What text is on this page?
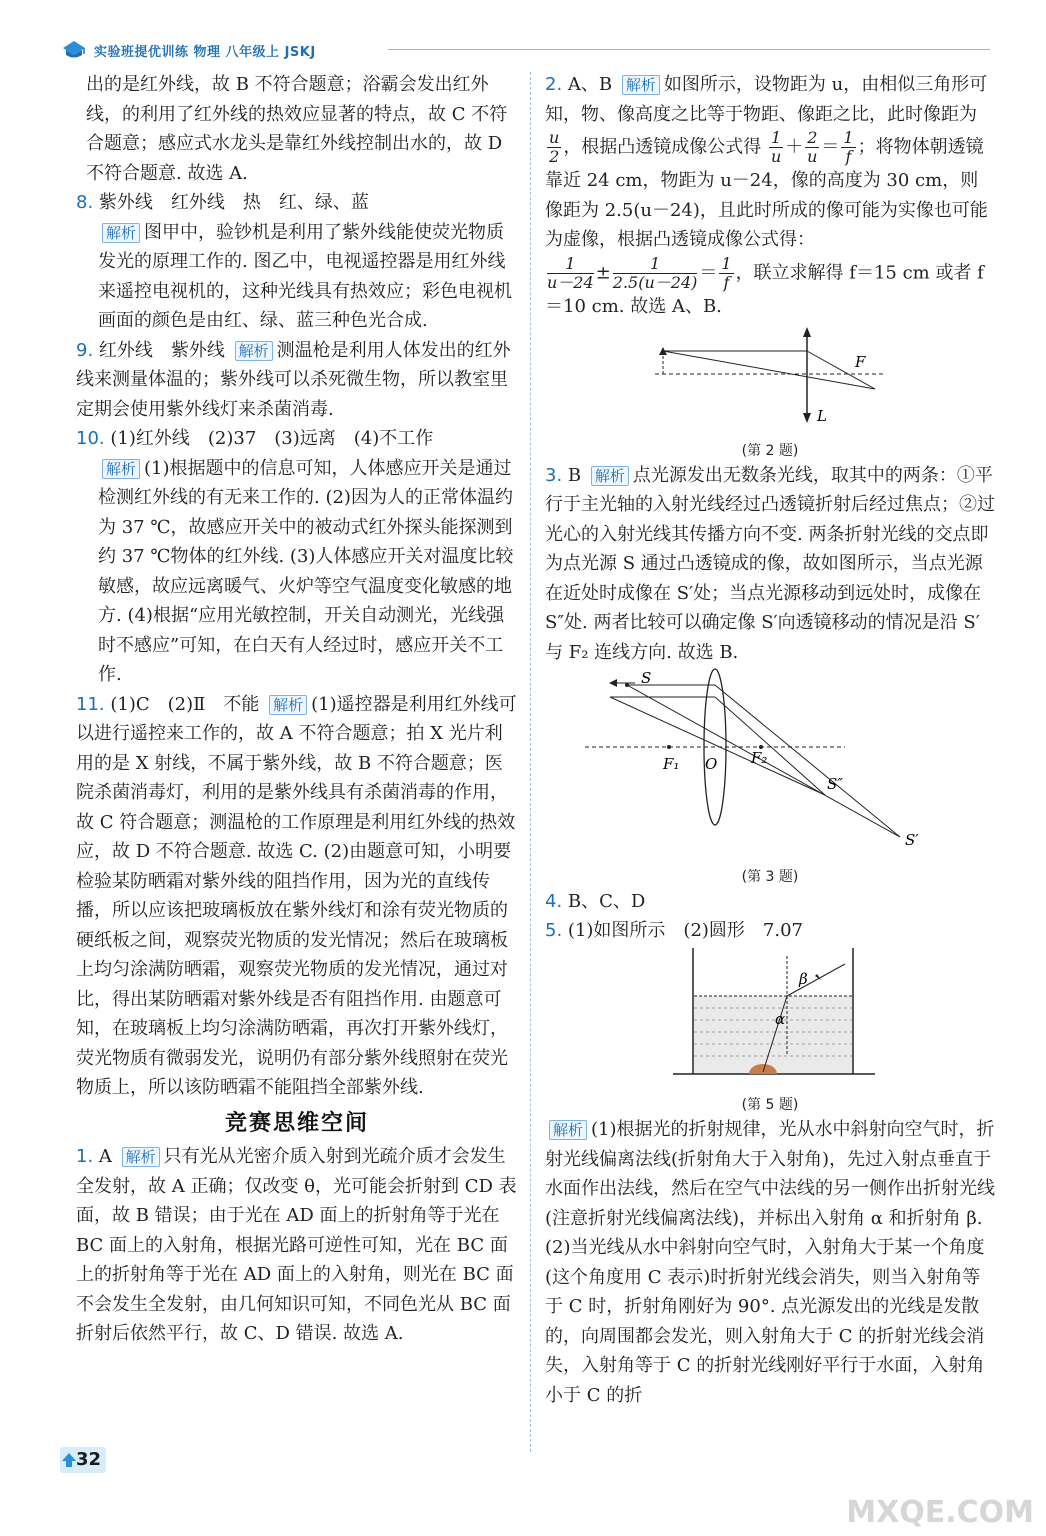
实验班提优训练 物理 八年级上 JSKJ

出的是红外线，故 B 不符合题意；浴霸会发出红外线，的利用了红外线的热效应显著的特点，故 C 不符合题意；感应式水龙头是靠红外线控制出水的，故 D 不符合题意. 故选 A.

8. 紫外线　红外线　热　红、绿、蓝

解析 图甲中，验钞机是利用了紫外线能使荧光物质发光的原理工作的. 图乙中，电视遥控器是用红外线来遥控电视机的，这种光线具有热效应；彩色电视机画面的颜色是由红、绿、蓝三种色光合成.

9. 红外线　紫外线 解析 测温枪是利用人体发出的红外线来测量体温的；紫外线可以杀死微生物，所以教室里定期会使用紫外线灯来杀菌消毒.

10. (1)红外线　(2)37　(3)远离　(4)不工作

解析 (1)根据题中的信息可知，人体感应开关是通过检测红外线的有无来工作的. (2)因为人的正常体温约为 37 ℃，故感应开关中的被动式红外探头能探测到约 37 ℃物体的红外线. (3)人体感应开关对温度比较敏感，故应远离暖气、火炉等空气温度变化敏感的地方. (4)根据“应用光敏控制，开关自动测光，光线强时不感应”可知，在白天有人经过时，感应开关不工作.

11. (1)C　(2)Ⅱ　不能 解析 (1)遥控器是利用红外线可以进行遥控来工作的，故 A 不符合题意；拍 X 光片利用的是 X 射线，不属于紫外线，故 B 不符合题意；医院杀菌消毒灯，利用的是紫外线具有杀菌消毒的作用，故 C 符合题意；测温枪的工作原理是利用红外线的热效应，故 D 不符合题意. 故选 C. (2)由题意可知，小明要检验某防晒霜对紫外线的阻挡作用，因为光的直线传播，所以应该把玻璃板放在紫外线灯和涂有荧光物质的硬纸板之间，观察荧光物质的发光情况；然后在玻璃板上均匀涂满防晒霜，观察荧光物质的发光情况，通过对比，得出某防晒霜对紫外线是否有阻挡作用. 由题意可知，在玻璃板上均匀涂满防晒霜，再次打开紫外线灯，荧光物质有微弱发光，说明仍有部分紫外线照射在荧光物质上，所以该防晒霜不能阻挡全部紫外线.

竞赛思维空间

1. A 解析 只有光从光密介质入射到光疏介质才会发生全发射，故 A 正确；仅改变 θ，光可能会折射到 CD 表面，故 B 错误；由于光在 AD 面上的折射角等于光在 BC 面上的入射角，根据光路可逆性可知，光在 BC 面上的折射角等于光在 AD 面上的入射角，则光在 BC 面不会发生全发射，由几何知识可知，不同色光从 BC 面折射后依然平行，故 C、D 错误. 故选 A.

2. A、B 解析 如图所示，设物距为 u，由相似三角形可知，物、像高度之比等于物距、像距之比，此时像距为
$\frac{u}{2}$ ，根据凸透镜成像公式得 $\frac{1}{u} + \frac{2}{u} = \frac{1}{f}$ ；将物体朝透镜靠近 24 cm，物距为 u－24，像的高度为 30 cm，则像距为 2.5(u－24)，且此时所成的像可能为实像也可能为虚像，根据凸透镜成像公式得：

$\frac{1}{u-24} \pm \frac{1}{2.5(u-24)} = \frac{1}{f}$ ，联立求解得 f＝15 cm 或者 f＝10 cm. 故选 A、B.

F
L
(第 2 题)

3. B 解析 点光源发出无数条光线，取其中的两条：①平行于主光轴的入射光线经过凸透镜折射后经过焦点；②过光心的入射光线其传播方向不变. 两条折射光线的交点即为点光源 S 通过凸透镜成的像，故如图所示，当点光源在近处时成像在 S′处；当点光源移动到远处时，成像在 S″处. 两者比较可以确定像 S′向透镜移动的情况是沿 S′与 F₂ 连线方向. 故选 B.

S
F₁ O F₂
S″
S′
(第 3 题)

4. B、C、D

5. (1)如图所示　(2)圆形　7.07

β
α
(第 5 题)

解析 (1)根据光的折射规律，光从水中斜射向空气时，折射光线偏离法线(折射角大于入射角)，先过入射点垂直于水面作出法线，然后在空气中法线的另一侧作出折射光线(注意折射光线偏离法线)，并标出入射角 α 和折射角 β. (2)当光线从水中斜射向空气时，入射角大于某一个角度(这个角度用 C 表示)时折射光线会消失，则当入射角等于 C 时，折射角刚好为 90°. 点光源发出的光线是发散的，向周围都会发光，则入射角大于 C 的折射光线会消失，入射角等于 C 的折射光线刚好平行于水面，入射角小于 C 的折

32
MXQE.COM
